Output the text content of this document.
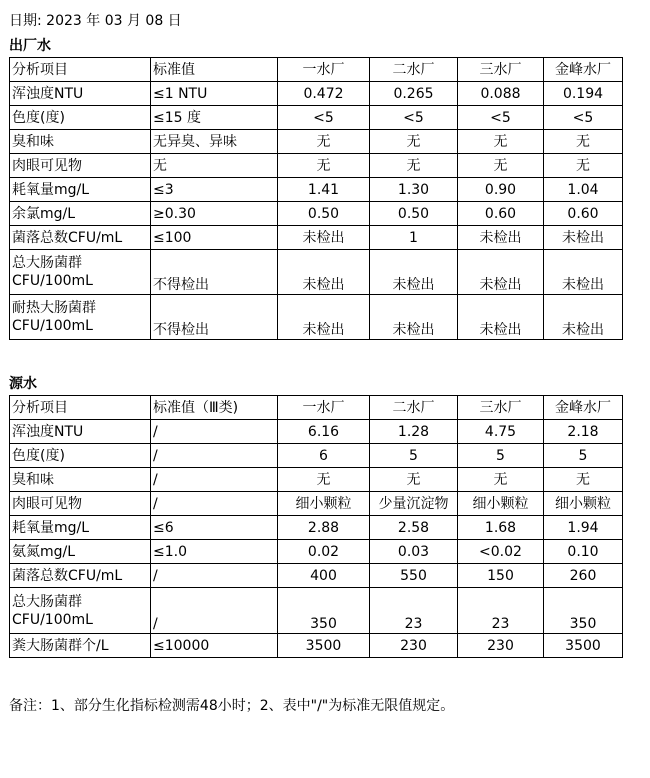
日期: 2023 年 03 月 08 日
出厂水
分析项目	标准值	一水厂	二水厂	三水厂	金峰水厂
浑浊度NTU	≤1 NTU	0.472	0.265	0.088	0.194
色度(度)	≤15 度	<5	<5	<5	<5
臭和味	无异臭、异味	无	无	无	无
肉眼可见物	无	无	无	无	无
耗氧量mg/L	≤3	1.41	1.30	0.90	1.04
余氯mg/L	≥0.30	0.50	0.50	0.60	0.60
菌落总数CFU/mL	≤100	未检出	1	未检出	未检出

总大肠菌群
CFU/100mL	不得检出	未检出	未检出	未检出	未检出

耐热大肠菌群
CFU/100mL	不得检出	未检出	未检出	未检出	未检出
源水
分析项目	标准值（Ⅲ类)	一水厂	二水厂	三水厂	金峰水厂
浑浊度NTU	/	6.16	1.28	4.75	2.18
色度(度)	/	6	5	5	5
臭和味	/	无	无	无	无
肉眼可见物	/	细小颗粒	少量沉淀物	细小颗粒	细小颗粒
耗氧量mg/L	≤6	2.88	2.58	1.68	1.94
氨氮mg/L	≤1.0	0.02	0.03	<0.02	0.10
菌落总数CFU/mL	/	400	550	150	260

总大肠菌群
CFU/100mL	/	350	23	23	350
粪大肠菌群个/L	≤10000	3500	230	230	3500
备注：1、部分生化指标检测需48小时；2、表中"/"为标准无限值规定。
